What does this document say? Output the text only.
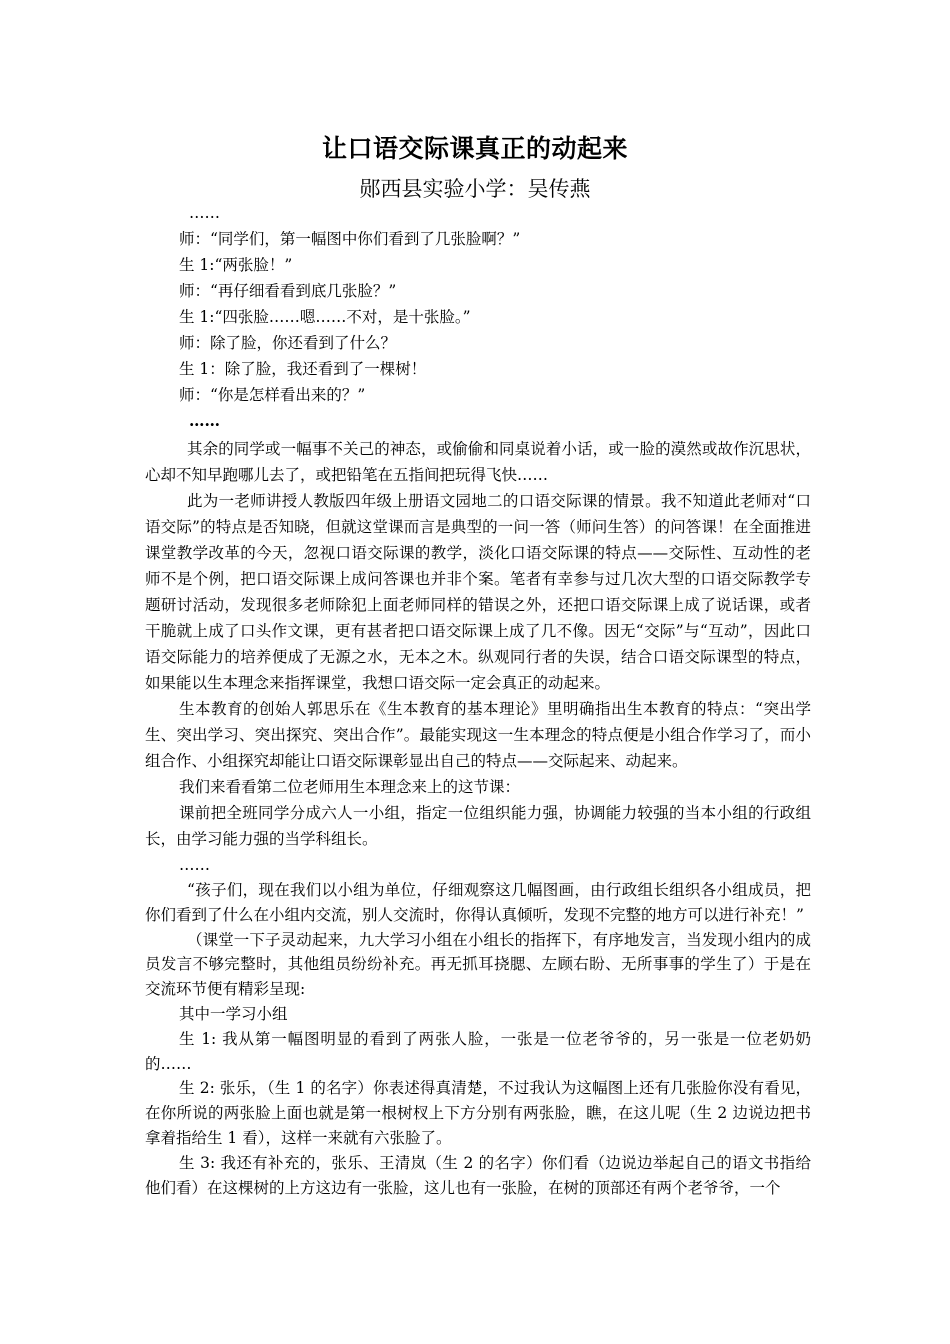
让口语交际课真正的动起来
郧西县实验小学：吴传燕

……

师：“同学们，第一幅图中你们看到了几张脸啊？”

生 1:“两张脸！”

师：“再仔细看看到底几张脸？”

生 1:“四张脸……嗯……不对，是十张脸。”

师：除了脸，你还看到了什么？

生 1：除了脸，我还看到了一棵树！

师：“你是怎样看出来的？”

……

其余的同学或一幅事不关己的神态，或偷偷和同桌说着小话，或一脸的漠然或故作沉思状，心却不知早跑哪儿去了，或把铅笔在五指间把玩得飞快……

此为一老师讲授人教版四年级上册语文园地二的口语交际课的情景。我不知道此老师对“口语交际”的特点是否知晓，但就这堂课而言是典型的一问一答（师问生答）的问答课！在全面推进课堂教学改革的今天，忽视口语交际课的教学，淡化口语交际课的特点——交际性、互动性的老师不是个例，把口语交际课上成问答课也并非个案。笔者有幸参与过几次大型的口语交际教学专题研讨活动，发现很多老师除犯上面老师同样的错误之外，还把口语交际课上成了说话课，或者干脆就上成了口头作文课，更有甚者把口语交际课上成了几不像。因无“交际”与“互动”，因此口语交际能力的培养便成了无源之水，无本之木。纵观同行者的失误，结合口语交际课型的特点，如果能以生本理念来指挥课堂，我想口语交际一定会真正的动起来。

生本教育的创始人郭思乐在《生本教育的基本理论》里明确指出生本教育的特点：“突出学生、突出学习、突出探究、突出合作”。最能实现这一生本理念的特点便是小组合作学习了，而小组合作、小组探究却能让口语交际课彰显出自己的特点——交际起来、动起来。

我们来看看第二位老师用生本理念来上的这节课：

课前把全班同学分成六人一小组，指定一位组织能力强，协调能力较强的当本小组的行政组长，由学习能力强的当学科组长。

……

“孩子们，现在我们以小组为单位，仔细观察这几幅图画，由行政组长组织各小组成员，把你们看到了什么在小组内交流，别人交流时，你得认真倾听，发现不完整的地方可以进行补充！”

（课堂一下子灵动起来，九大学习小组在小组长的指挥下，有序地发言，当发现小组内的成员发言不够完整时，其他组员纷纷补充。再无抓耳挠腮、左顾右盼、无所事事的学生了）于是在交流环节便有精彩呈现:

其中一学习小组

生 1: 我从第一幅图明显的看到了两张人脸，一张是一位老爷爷的，另一张是一位老奶奶的……

生 2: 张乐，（生 1 的名字）你表述得真清楚，不过我认为这幅图上还有几张脸你没有看见，在你所说的两张脸上面也就是第一根树杈上下方分别有两张脸，瞧，在这儿呢（生 2 边说边把书拿着指给生 1 看），这样一来就有六张脸了。

生 3: 我还有补充的，张乐、王清岚（生 2 的名字）你们看（边说边举起自己的语文书指给他们看）在这棵树的上方这边有一张脸，这儿也有一张脸，在树的顶部还有两个老爷爷，一个
